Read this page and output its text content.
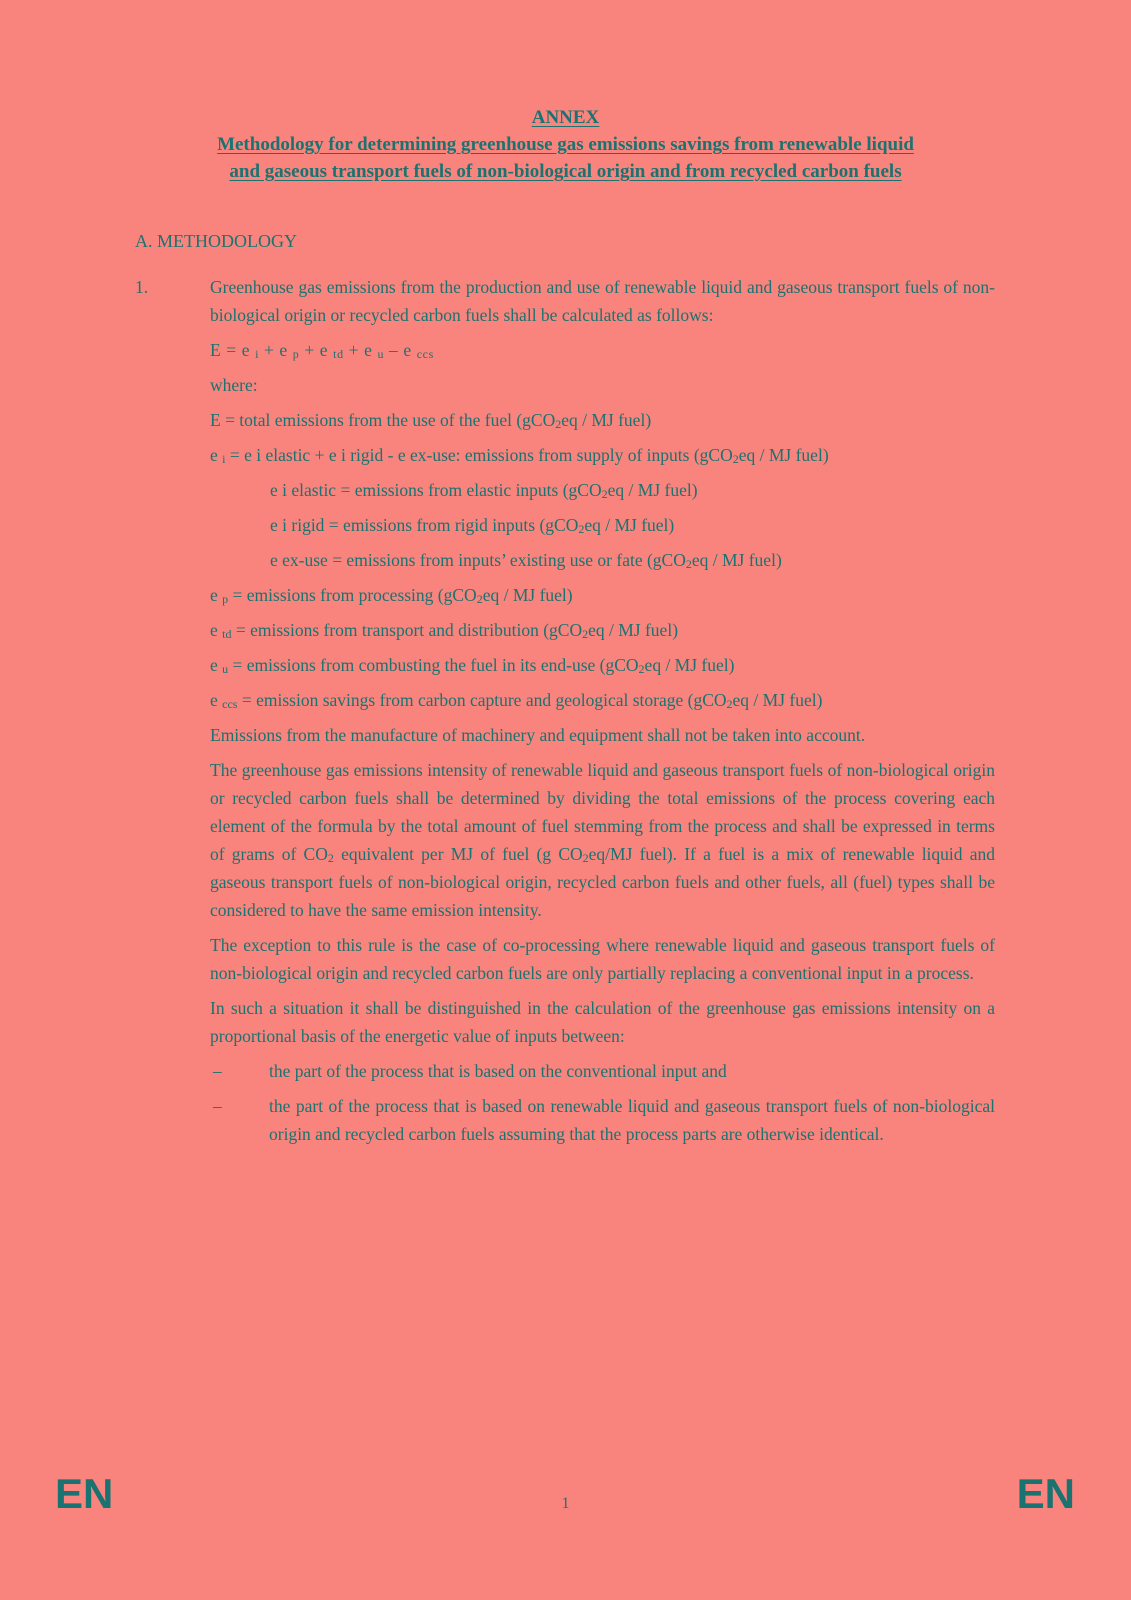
ANNEX
Methodology for determining greenhouse gas emissions savings from renewable liquid
and gaseous transport fuels of non-biological origin and from recycled carbon fuels
A. METHODOLOGY
1.	Greenhouse gas emissions from the production and use of renewable liquid and gaseous transport fuels of non-biological origin or recycled carbon fuels shall be calculated as follows:
E = e $_i$ + e $_p$ + e $_{td}$ + e $_u$ – e $_{ccs}$
where:
E = total emissions from the use of the fuel (gCO$_2$eq / MJ fuel)
e $_i$ = e i elastic + e i rigid - e ex-use: emissions from supply of inputs (gCO$_2$eq / MJ fuel)
e i elastic = emissions from elastic inputs (gCO$_2$eq / MJ fuel)
e i rigid = emissions from rigid inputs (gCO$_2$eq / MJ fuel)
e ex-use = emissions from inputs’ existing use or fate (gCO$_2$eq / MJ fuel)
e $_p$ = emissions from processing (gCO$_2$eq / MJ fuel)
e $_{td}$ = emissions from transport and distribution (gCO$_2$eq / MJ fuel)
e $_u$ = emissions from combusting the fuel in its end-use (gCO$_2$eq / MJ fuel)
e $_{ccs}$ = emission savings from carbon capture and geological storage (gCO$_2$eq / MJ fuel)
Emissions from the manufacture of machinery and equipment shall not be taken into account.
The greenhouse gas emissions intensity of renewable liquid and gaseous transport fuels of non-biological origin or recycled carbon fuels shall be determined by dividing the total emissions of the process covering each element of the formula by the total amount of fuel stemming from the process and shall be expressed in terms of grams of $CO_2$ equivalent per MJ of fuel (g $CO_2eq/MJ$ fuel). If a fuel is a mix of renewable liquid and gaseous transport fuels of non-biological origin, recycled carbon fuels and other fuels, all (fuel) types shall be considered to have the same emission intensity.
The exception to this rule is the case of co-processing where renewable liquid and gaseous transport fuels of non-biological origin and recycled carbon fuels are only partially replacing a conventional input in a process.
In such a situation it shall be distinguished in the calculation of the greenhouse gas emissions intensity on a proportional basis of the energetic value of inputs between:
–	the part of the process that is based on the conventional input and
–	the part of the process that is based on renewable liquid and gaseous transport fuels of non-biological origin and recycled carbon fuels assuming that the process parts are otherwise identical.
EN	EN
1
